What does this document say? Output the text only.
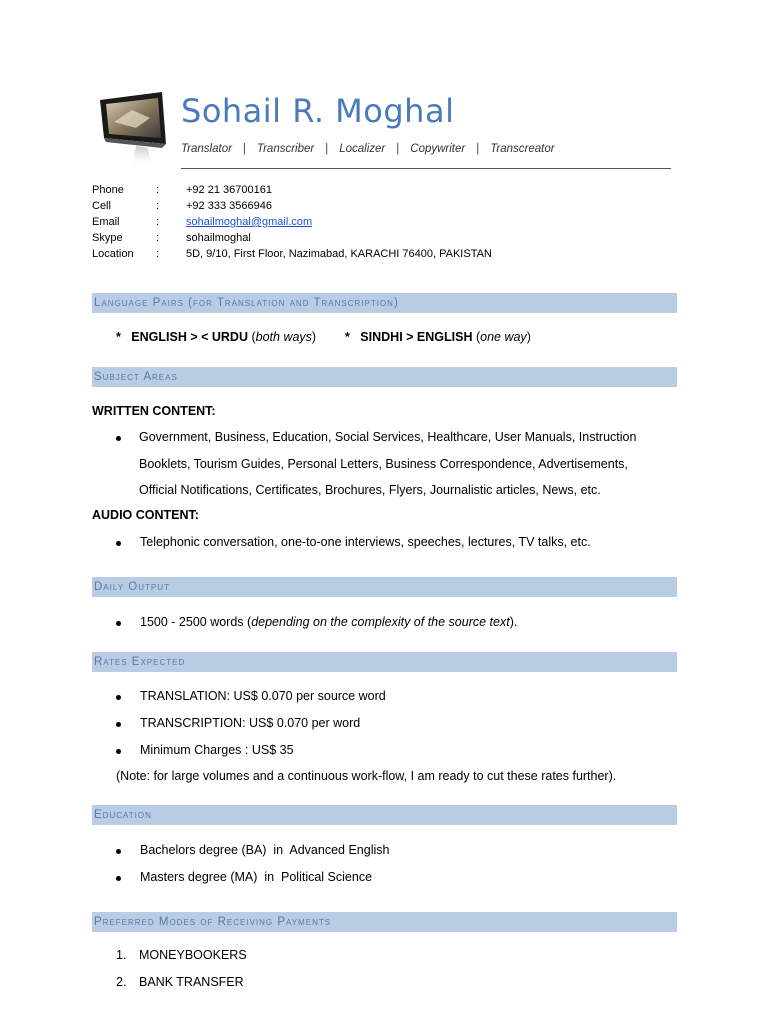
Sohail R. Moghal
Translator | Transcriber | Localizer | Copywriter | Transcreator
Phone	:	+92 21 36700161
Cell	:	+92 333 3566946
Email	:	sohailmoghal@gmail.com
Skype	:	sohailmoghal
Location	:	5D, 9/10, First Floor, Nazimabad, KARACHI 76400, PAKISTAN
Language Pairs (for Translation and Transcription)
* ENGLISH > < URDU (both ways) * SINDHI > ENGLISH (one way)
Subject Areas
WRITTEN CONTENT:
Government, Business, Education, Social Services, Healthcare, User Manuals, Instruction Booklets, Tourism Guides, Personal Letters, Business Correspondence, Advertisements, Official Notifications, Certificates, Brochures, Flyers, Journalistic articles, News, etc.
AUDIO CONTENT:
Telephonic conversation, one-to-one interviews, speeches, lectures, TV talks, etc.
Daily Output
1500 - 2500 words (depending on the complexity of the source text).
Rates Expected
TRANSLATION: US$ 0.070 per source word
TRANSCRIPTION: US$ 0.070 per word
Minimum Charges : US$ 35
(Note: for large volumes and a continuous work-flow, I am ready to cut these rates further).
Education
Bachelors degree (BA)  in  Advanced English
Masters degree (MA)  in  Political Science
Preferred Modes of Receiving Payments
1. MONEYBOOKERS
2. BANK TRANSFER
